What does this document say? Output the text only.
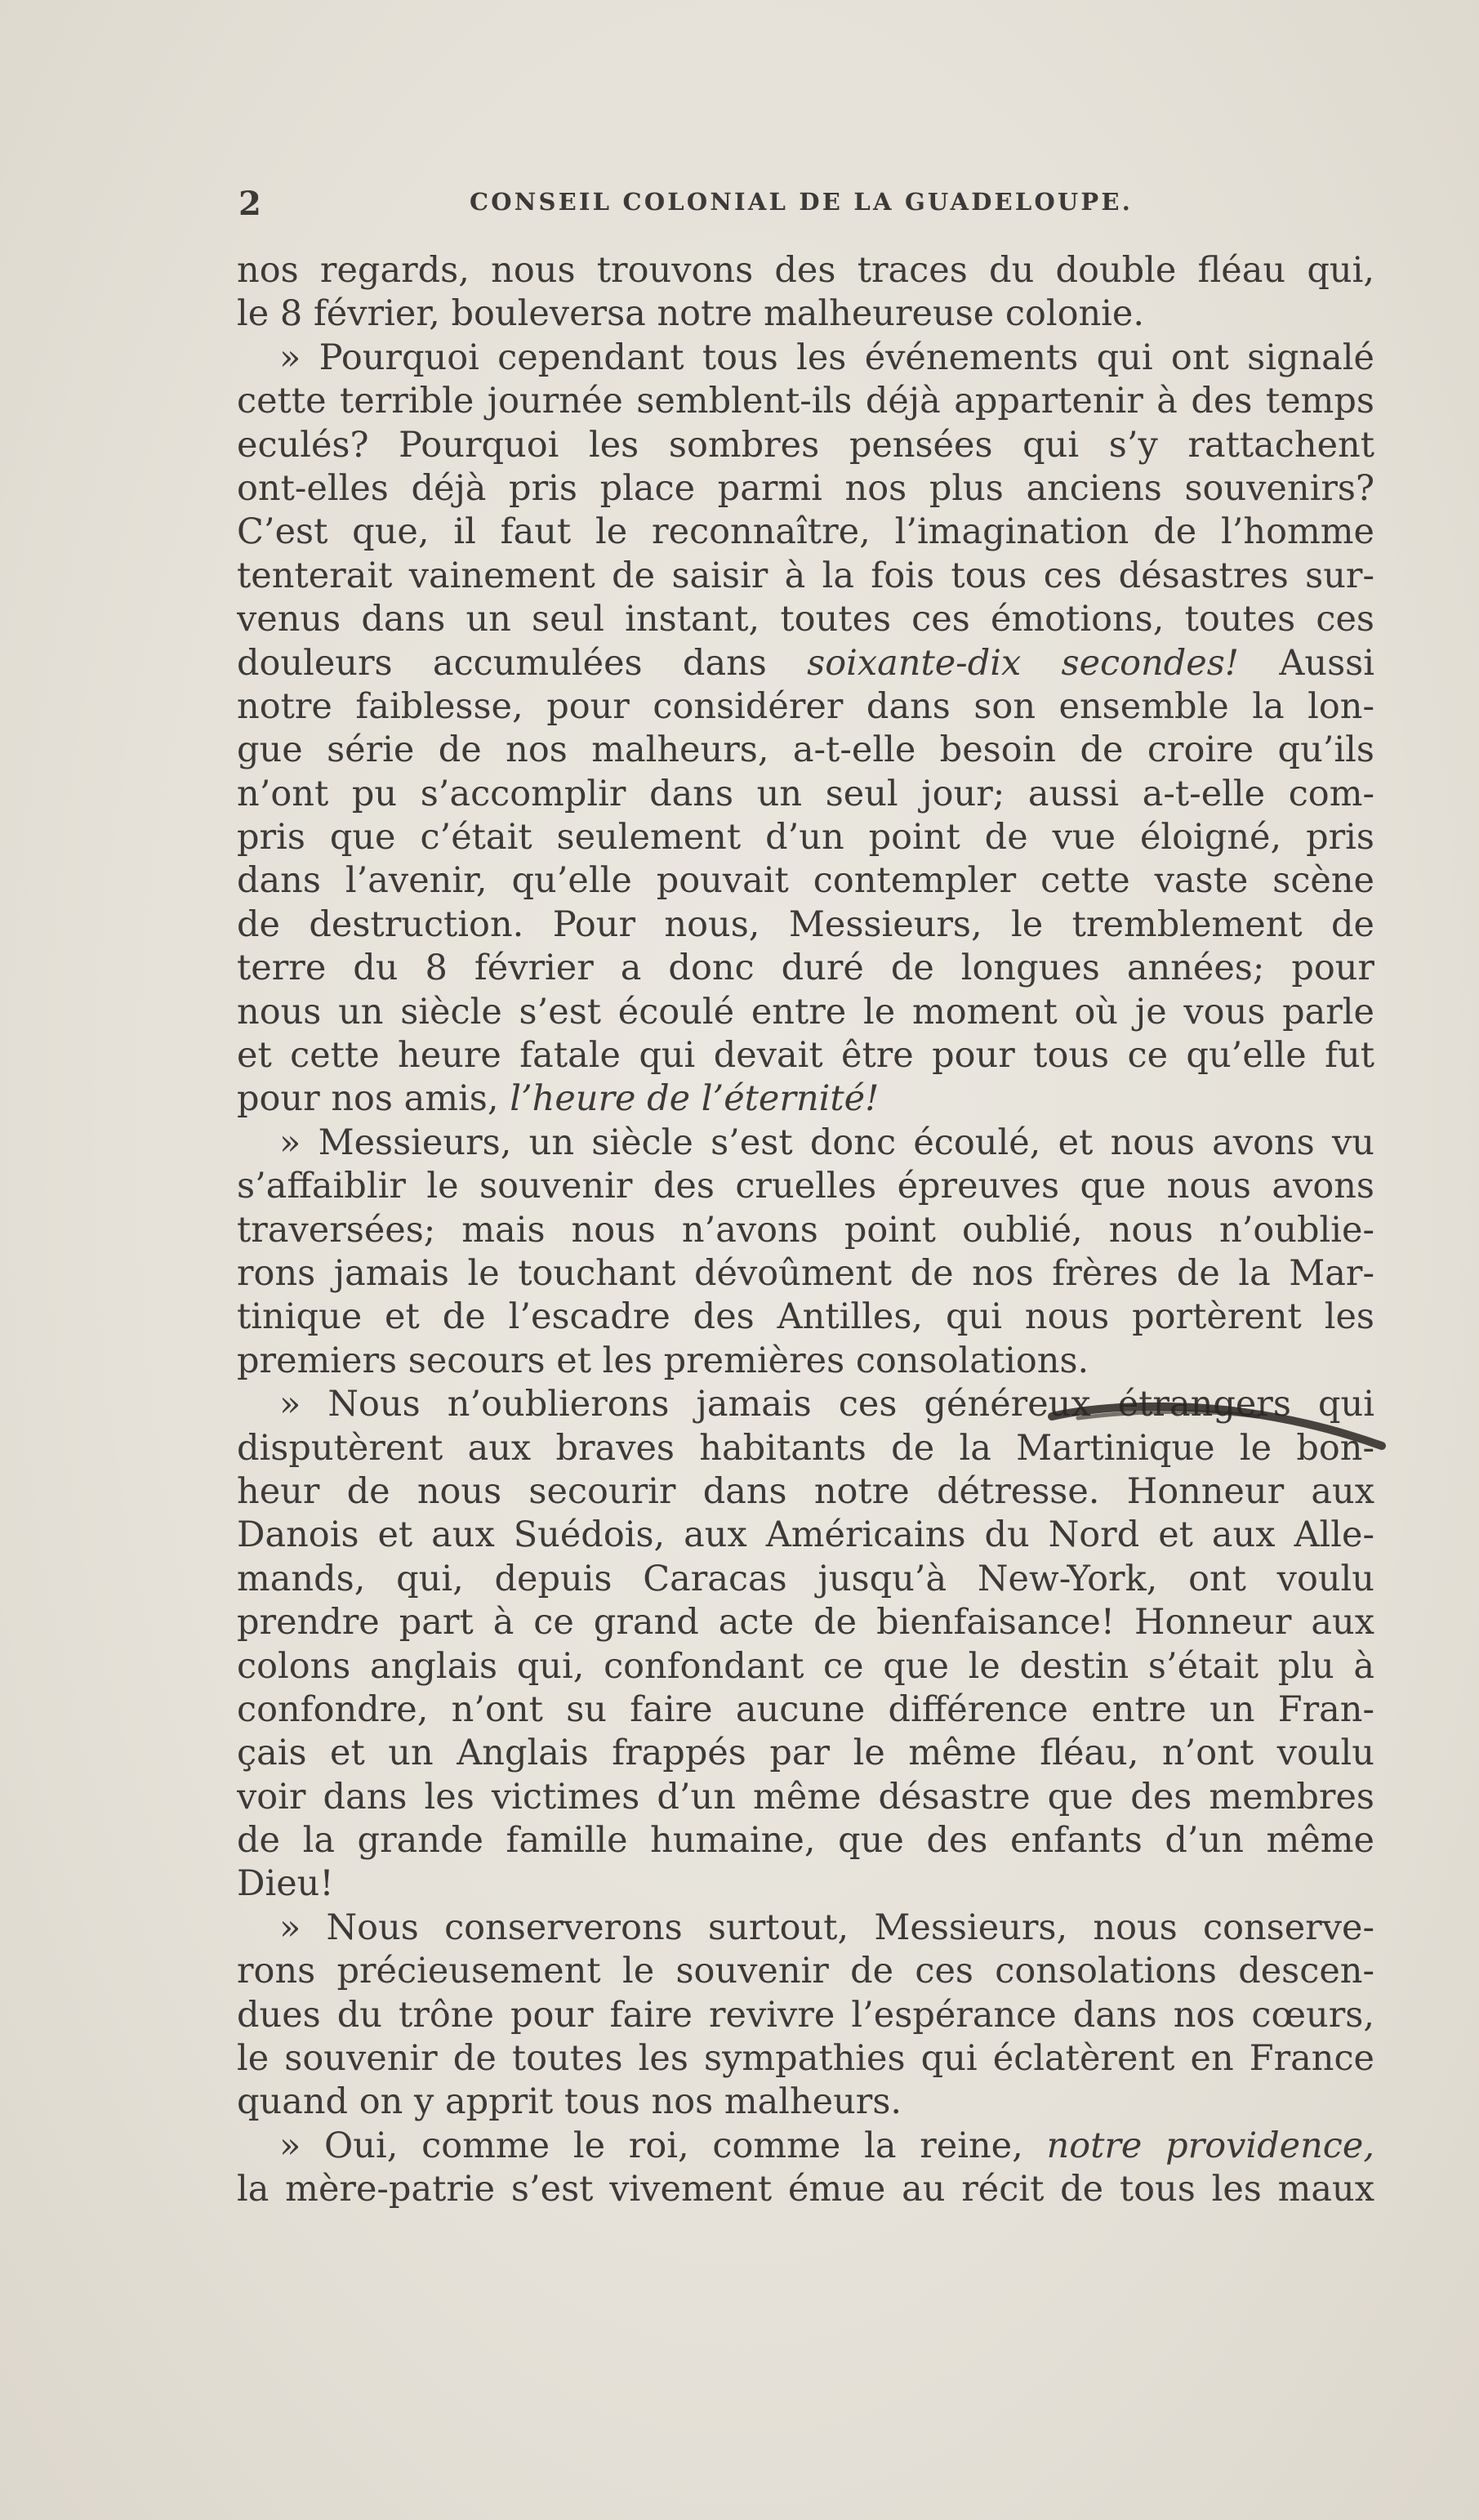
2	CONSEIL COLONIAL DE LA GUADELOUPE.
nos regards, nous trouvons des traces du double fléau qui,
le 8 février, bouleversa notre malheureuse colonie.
» Pourquoi cependant tous les événements qui ont signalé
cette terrible journée semblent-ils déjà appartenir à des temps
eculés? Pourquoi les sombres pensées qui s’y rattachent
ont-elles déjà pris place parmi nos plus anciens souvenirs?
C’est que, il faut le reconnaître, l’imagination de l’homme
tenterait vainement de saisir à la fois tous ces désastres sur-
venus dans un seul instant, toutes ces émotions, toutes ces
douleurs accumulées dans soixante-dix secondes! Aussi
notre faiblesse, pour considérer dans son ensemble la lon-
gue série de nos malheurs, a-t-elle besoin de croire qu’ils
n’ont pu s’accomplir dans un seul jour; aussi a-t-elle com-
pris que c’était seulement d’un point de vue éloigné, pris
dans l’avenir, qu’elle pouvait contempler cette vaste scène
de destruction. Pour nous, Messieurs, le tremblement de
terre du 8 février a donc duré de longues années; pour
nous un siècle s’est écoulé entre le moment où je vous parle
et cette heure fatale qui devait être pour tous ce qu’elle fut
pour nos amis, l’heure de l’éternité!
» Messieurs, un siècle s’est donc écoulé, et nous avons vu
s’affaiblir le souvenir des cruelles épreuves que nous avons
traversées; mais nous n’avons point oublié, nous n’oublie-
rons jamais le touchant dévoûment de nos frères de la Mar-
tinique et de l’escadre des Antilles, qui nous portèrent les
premiers secours et les premières consolations.
» Nous n’oublierons jamais ces généreux étrangers qui
disputèrent aux braves habitants de la Martinique le bon-
heur de nous secourir dans notre détresse. Honneur aux
Danois et aux Suédois, aux Américains du Nord et aux Alle-
mands, qui, depuis Caracas jusqu’à New-York, ont voulu
prendre part à ce grand acte de bienfaisance! Honneur aux
colons anglais qui, confondant ce que le destin s’était plu à
confondre, n’ont su faire aucune différence entre un Fran-
çais et un Anglais frappés par le même fléau, n’ont voulu
voir dans les victimes d’un même désastre que des membres
de la grande famille humaine, que des enfants d’un même
Dieu!
» Nous conserverons surtout, Messieurs, nous conserve-
rons précieusement le souvenir de ces consolations descen-
dues du trône pour faire revivre l’espérance dans nos cœurs,
le souvenir de toutes les sympathies qui éclatèrent en France
quand on y apprit tous nos malheurs.
» Oui, comme le roi, comme la reine, notre providence,
la mère-patrie s’est vivement émue au récit de tous les maux
